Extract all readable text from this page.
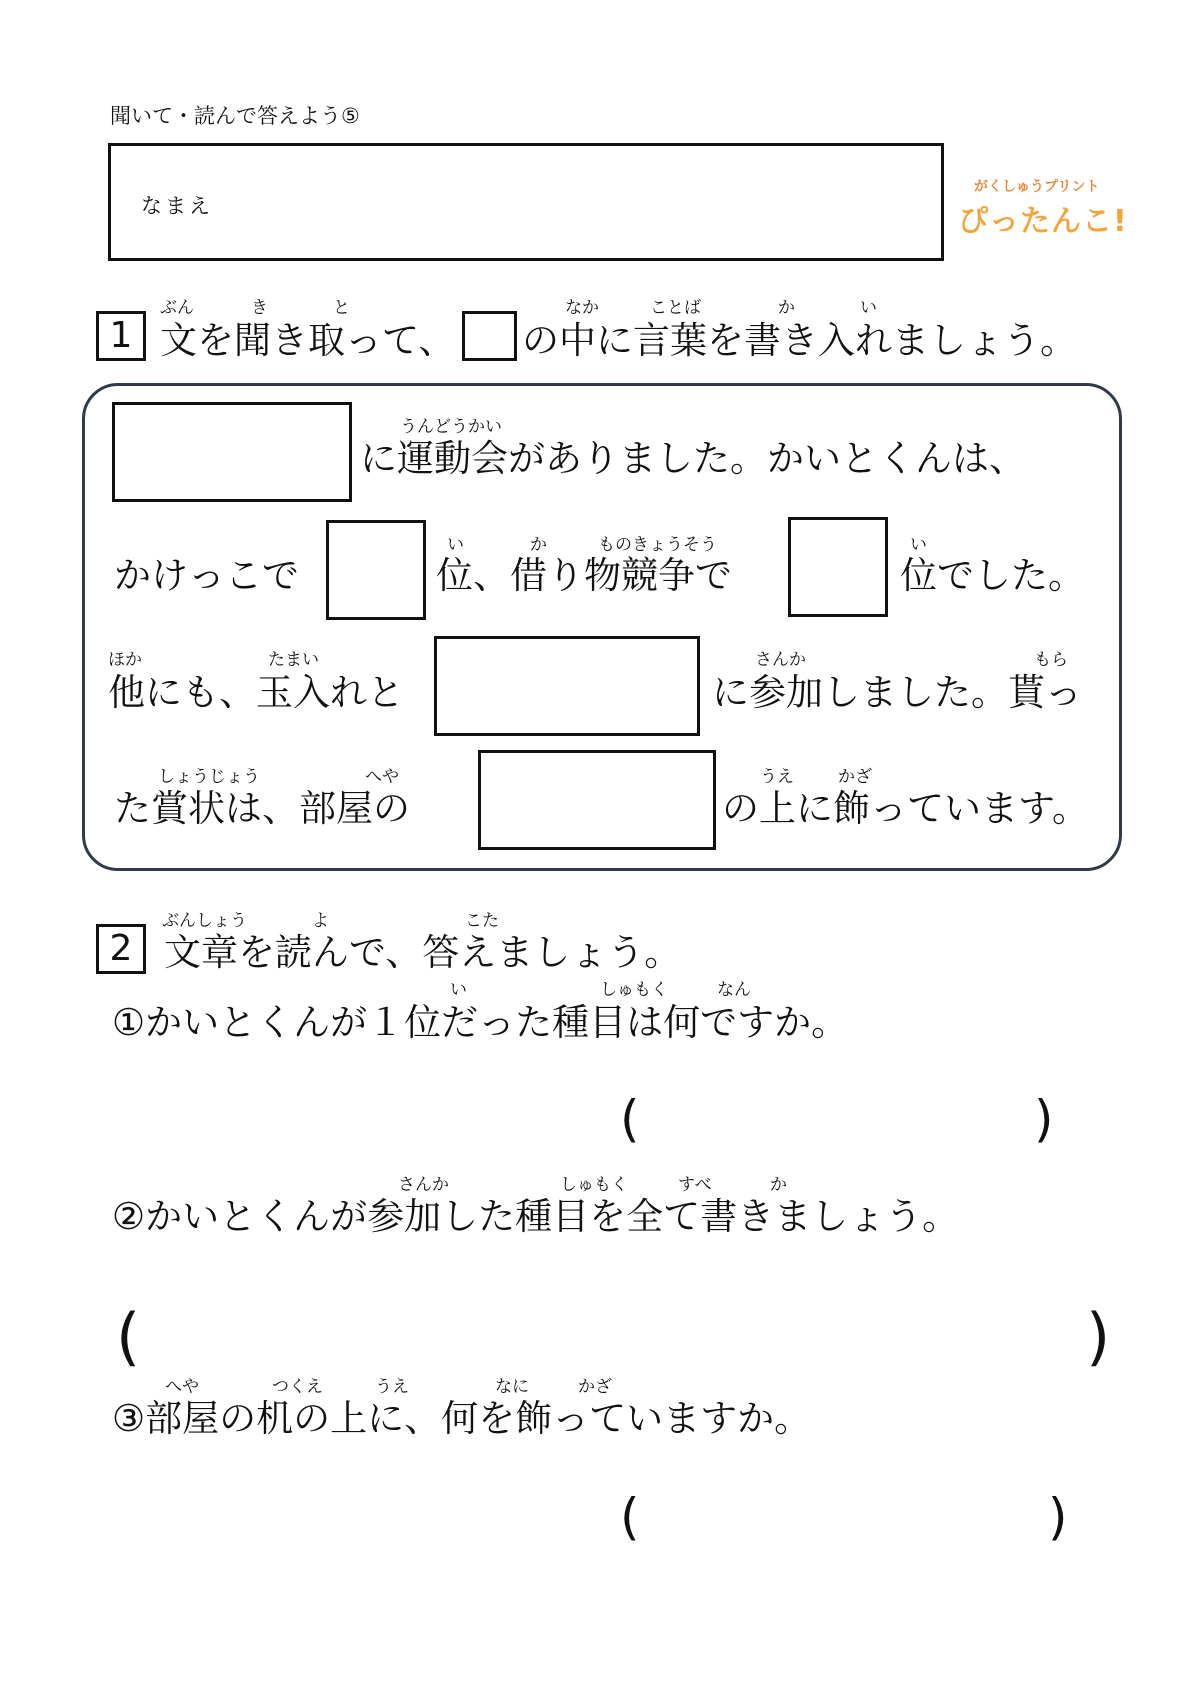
聞いて・読んで答えよう⑤
なまえ
がくしゅうプリント
ぴったんこ!
1
ぶん	き	と
文を聞き取って、
なか	ことば	か	い
の中に言葉を書き入れましょう。
うんどうかい
に運動会がありました。かいとくんは、
かけっこで
い	か	ものきょうそう
位、借り物競争で
い
位でした。
ほか	たまい
他にも、玉入れと
さんか	もら
に参加しました。貰っ
しょうじょう	へや
た賞状は、部屋の
うえ	かざ
の上に飾っています。
2
ぶんしょう	よ	こた
文章を読んで、答えましょう。
い	しゅもく	なん
①かいとくんが１位だった種目は何ですか。
(	)
さんか	しゅもく	すべ	か
②かいとくんが参加した種目を全て書きましょう。
(	)
へや	つくえ	うえ	なに	かざ
③部屋の机の上に、何を飾っていますか。
(	)
